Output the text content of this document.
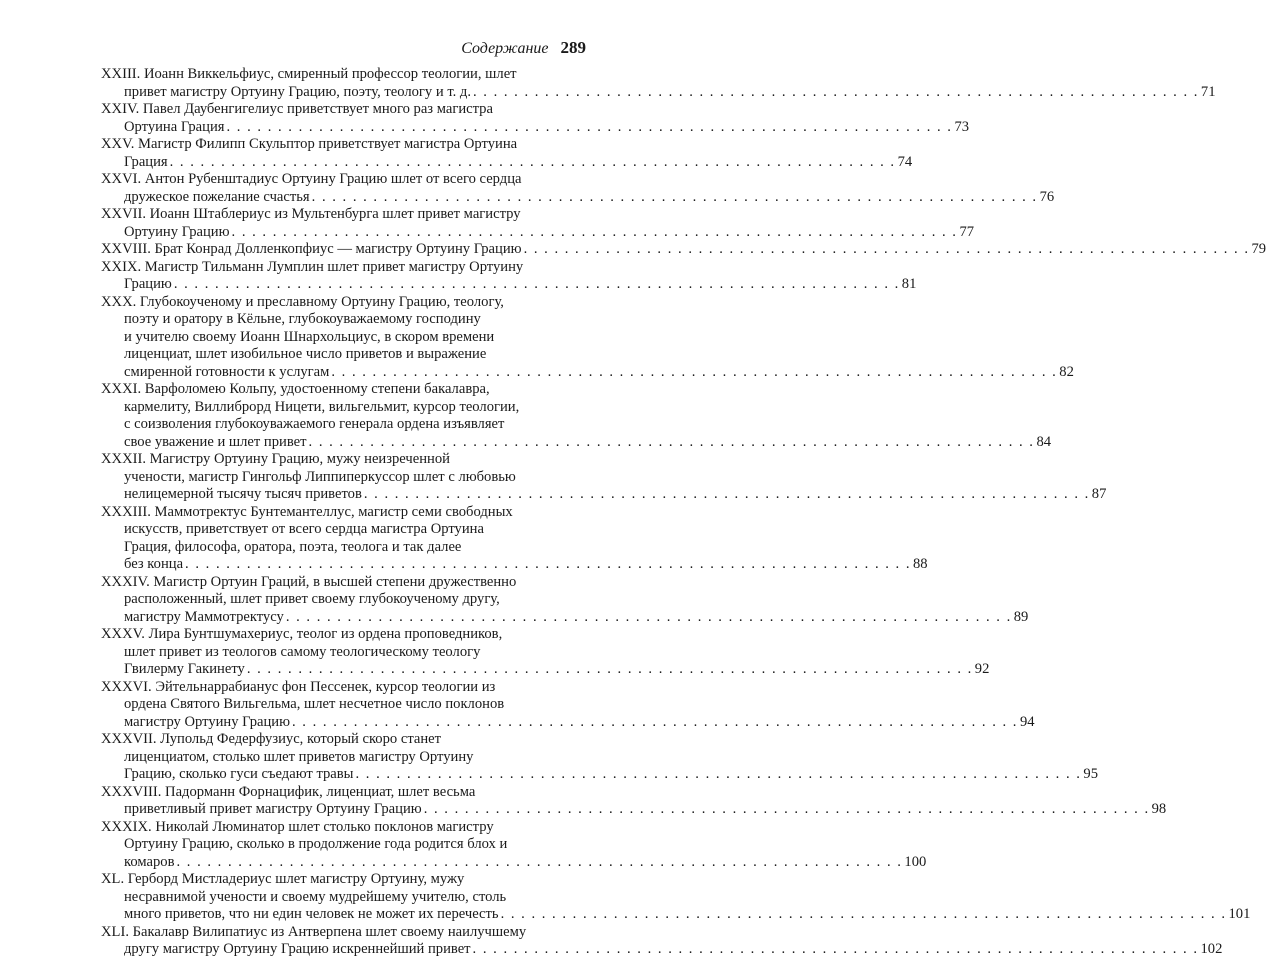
Содержание 289
XXIII. Иоанн Виккельфиус, смиренный профессор теологии, шлет
привет магистру Ортуину Грацию, поэту, теологу и т. д. . . .	71
XXIV. Павел Даубенгигелиус приветствует много раз магистра
Ортуина Грация . . .	73
XXV. Магистр Филипп Скульптор приветствует магистра Ортуина
Грация . . .	74
XXVI. Антон Рубенштадиус Ортуину Грацию шлет от всего сердца
дружеское пожелание счастья . . .	76
XXVII. Иоанн Штаблериус из Мультенбурга шлет привет магистру
Ортуину Грацию . . .	77
XXVIII. Брат Конрад Долленкопфиус — магистру Ортуину Грацию . . .	79
XXIX. Магистр Тильманн Лумплин шлет привет магистру Ортуину
Грацию . . .	81
XXX. Глубокоученому и преславному Ортуину Грацию, теологу,
поэту и оратору в Кёльне, глубокоуважаемому господину
и учителю своему Иоанн Шнархольциус, в скором времени
лиценциат, шлет изобильное число приветов и выражение
смиренной готовности к услугам . . .	82
XXXI. Варфоломею Кольпу, удостоенному степени бакалавра,
кармелиту, Виллиброрд Ницети, вильгельмит, курсор теологии,
с соизволения глубокоуважаемого генерала ордена изъявляет
свое уважение и шлет привет . . .	84
XXXII. Магистру Ортуину Грацию, мужу неизреченной
учености, магистр Гингольф Липпиперкуссор шлет с любовью
нелицемерной тысячу тысяч приветов . . .	87
XXXIII. Маммотректус Бунтемантеллус, магистр семи свободных
искусств, приветствует от всего сердца магистра Ортуина
Грация, философа, оратора, поэта, теолога и так далее
без конца . . .	88
XXXIV. Магистр Ортуин Граций, в высшей степени дружественно
расположенный, шлет привет своему глубокоученому другу,
магистру Маммотректусу . . .	89
XXXV. Лира Бунтшумахериус, теолог из ордена проповедников,
шлет привет из теологов самому теологическому теологу
Гвилерму Гакинету . . .	92
XXXVI. Эйтельнаррабианус фон Пессенек, курсор теологии из
ордена Святого Вильгельма, шлет несчетное число поклонов
магистру Ортуину Грацию . . .	94
XXXVII. Лупольд Федерфузиус, который скоро станет
лиценциатом, столько шлет приветов магистру Ортуину
Грацию, сколько гуси съедают травы . . .	95
XXXVIII. Падорманн Форнацифик, лиценциат, шлет весьма
приветливый привет магистру Ортуину Грацию . . .	98
XXXIX. Николай Люминатор шлет столько поклонов магистру
Ортуину Грацию, сколько в продолжение года родится блох и
комаров . . .	100
XL. Герборд Мистладериус шлет магистру Ортуину, мужу
несравнимой учености и своему мудрейшему учителю, столь
много приветов, что ни един человек не может их перечесть . . .	101
XLI. Бакалавр Вилипатиус из Антверпена шлет своему наилучшему
другу магистру Ортуину Грацию искреннейший привет . . .	102
